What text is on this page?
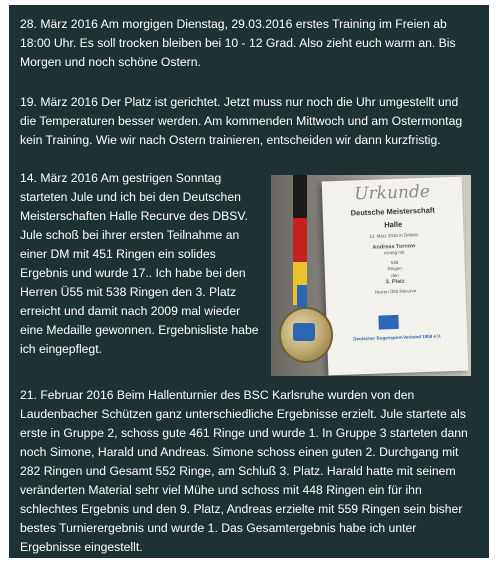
28. März 2016 Am morgigen Dienstag, 29.03.2016 erstes Training im Freien ab 18:00 Uhr. Es soll trocken bleiben bei 10 - 12 Grad. Also zieht euch warm an. Bis Morgen und noch schöne Ostern.

19. März 2016 Der Platz ist gerichtet. Jetzt muss nur noch die Uhr umgestellt und die Temperaturen besser werden. Am kommenden Mittwoch und am Ostermontag kein Training. Wie wir nach Ostern trainieren, entscheiden wir dann kurzfristig.

14. März 2016 Am gestrigen Sonntag starteten Jule und ich bei den Deutschen Meisterschaften Halle Recurve des DBSV. Jule schoß bei ihrer ersten Teilnahme an einer DM mit 451 Ringen ein solides Ergebnis und wurde 17.. Ich habe bei den Herren Ü55 mit 538 Ringen den 3. Platz erreicht und damit nach 2009 mal wieder eine Medaille gewonnen. Ergebnisliste habe ich eingepflegt.

Urkunde
Deutsche Meisterschaft
Halle
13. März 2016 in Döbeln
Andreas Tornow
errang mit
538
Ringen
den
3. Platz
Herren Ü55 Recurve
Deutscher Bogensport-Verband 1959 e.V.

21. Februar 2016 Beim Hallenturnier des BSC Karlsruhe wurden von den Laudenbacher Schützen ganz unterschiedliche Ergebnisse erzielt. Jule startete als erste in Gruppe 2, schoss gute 461 Ringe und wurde 1. In Gruppe 3 starteten dann noch Simone, Harald und Andreas. Simone schoss einen guten 2. Durchgang mit 282 Ringen und Gesamt 552 Ringe, am Schluß 3. Platz. Harald hatte mit seinem veränderten Material sehr viel Mühe und schoss mit 448 Ringen ein für ihn schlechtes Ergebnis und den 9. Platz, Andreas erzielte mit 559 Ringen sein bisher bestes Turnierergebnis und wurde 1. Das Gesamtergebnis habe ich unter Ergebnisse eingestellt.
